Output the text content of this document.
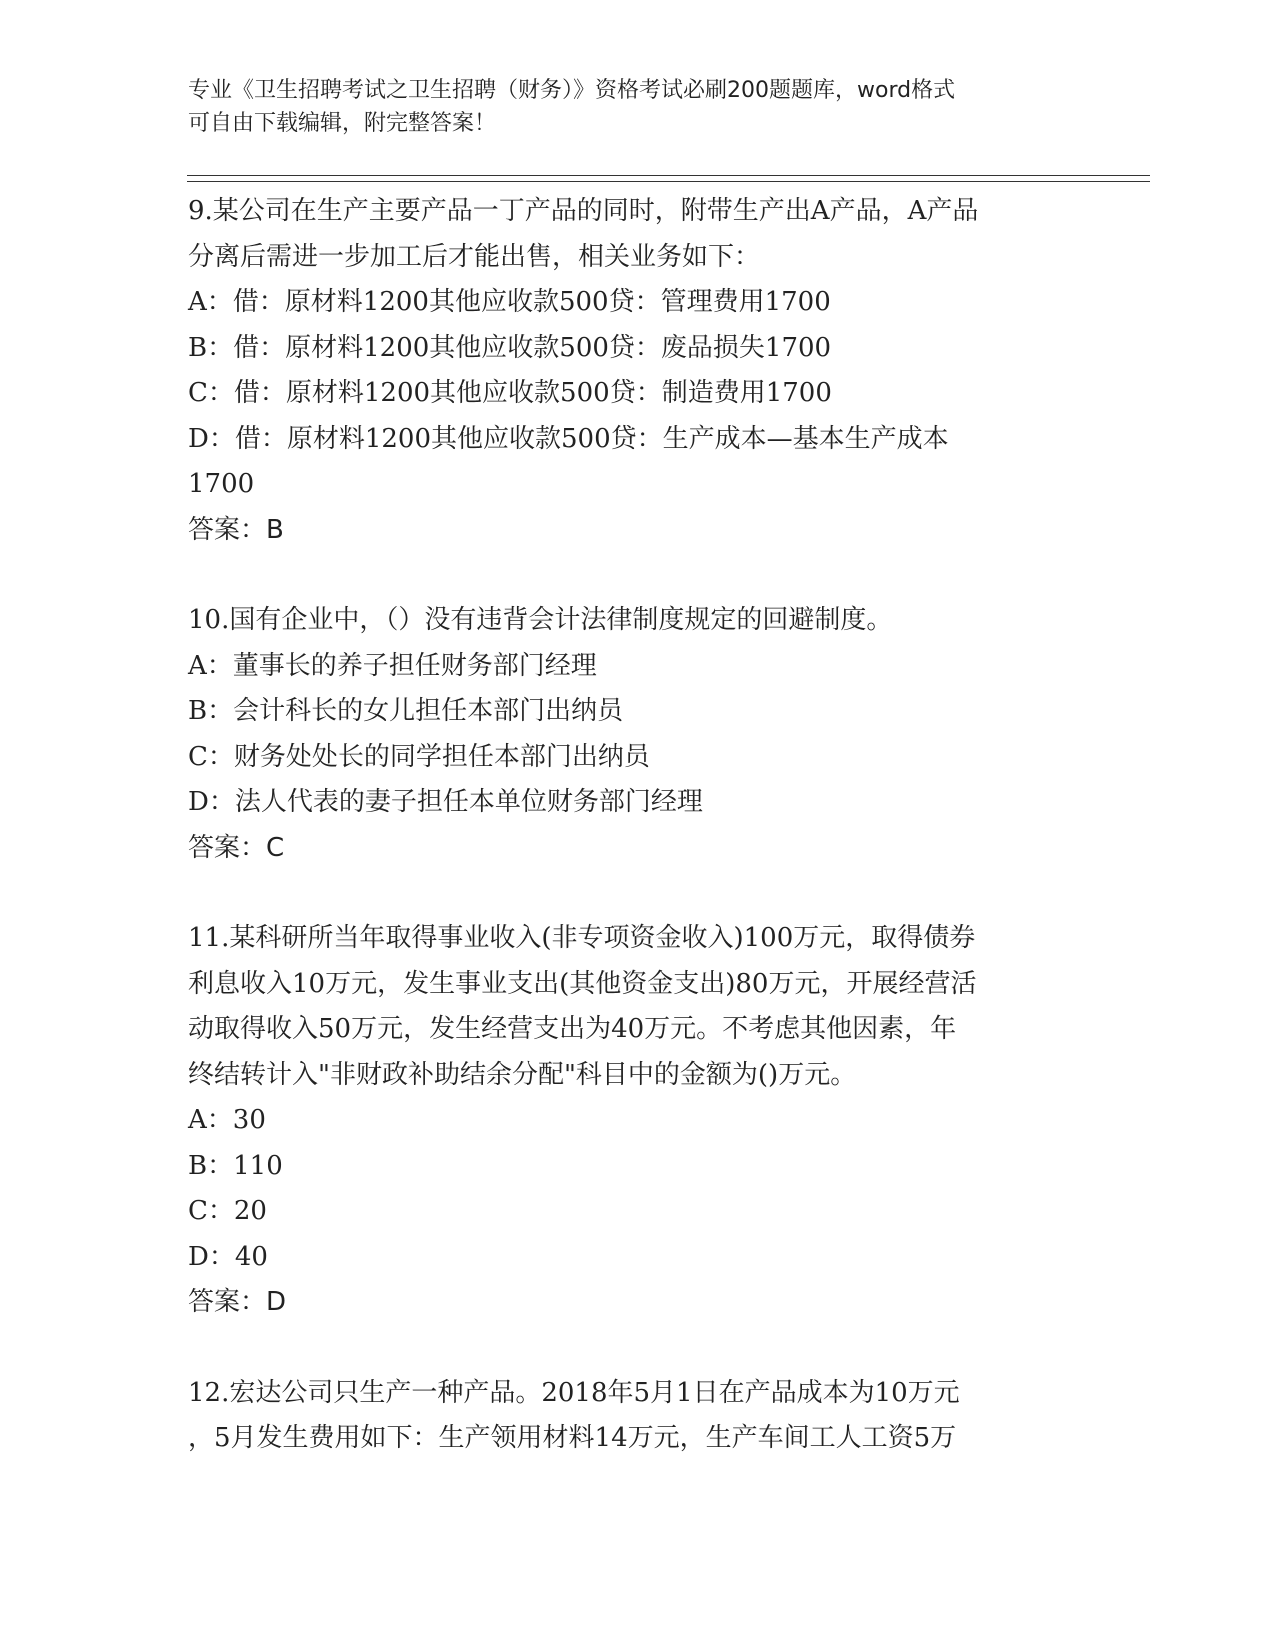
专业《卫生招聘考试之卫生招聘（财务）》资格考试必刷200题题库，word格式
可自由下载编辑，附完整答案！
9.某公司在生产主要产品一丁产品的同时，附带生产出A产品，A产品
分离后需进一步加工后才能出售，相关业务如下：
A：借：原材料1200其他应收款500贷：管理费用1700
B：借：原材料1200其他应收款500贷：废品损失1700
C：借：原材料1200其他应收款500贷：制造费用1700
D：借：原材料1200其他应收款500贷：生产成本—基本生产成本
1700
答案：B
10.国有企业中，（）没有违背会计法律制度规定的回避制度。
A：董事长的养子担任财务部门经理
B：会计科长的女儿担任本部门出纳员
C：财务处处长的同学担任本部门出纳员
D：法人代表的妻子担任本单位财务部门经理
答案：C
11.某科研所当年取得事业收入(非专项资金收入)100万元，取得债券
利息收入10万元，发生事业支出(其他资金支出)80万元，开展经营活
动取得收入50万元，发生经营支出为40万元。不考虑其他因素，年
终结转计入"非财政补助结余分配"科目中的金额为()万元。
A：30
B：110
C：20
D：40
答案：D
12.宏达公司只生产一种产品。2018年5月1日在产品成本为10万元
，5月发生费用如下：生产领用材料14万元，生产车间工人工资5万
